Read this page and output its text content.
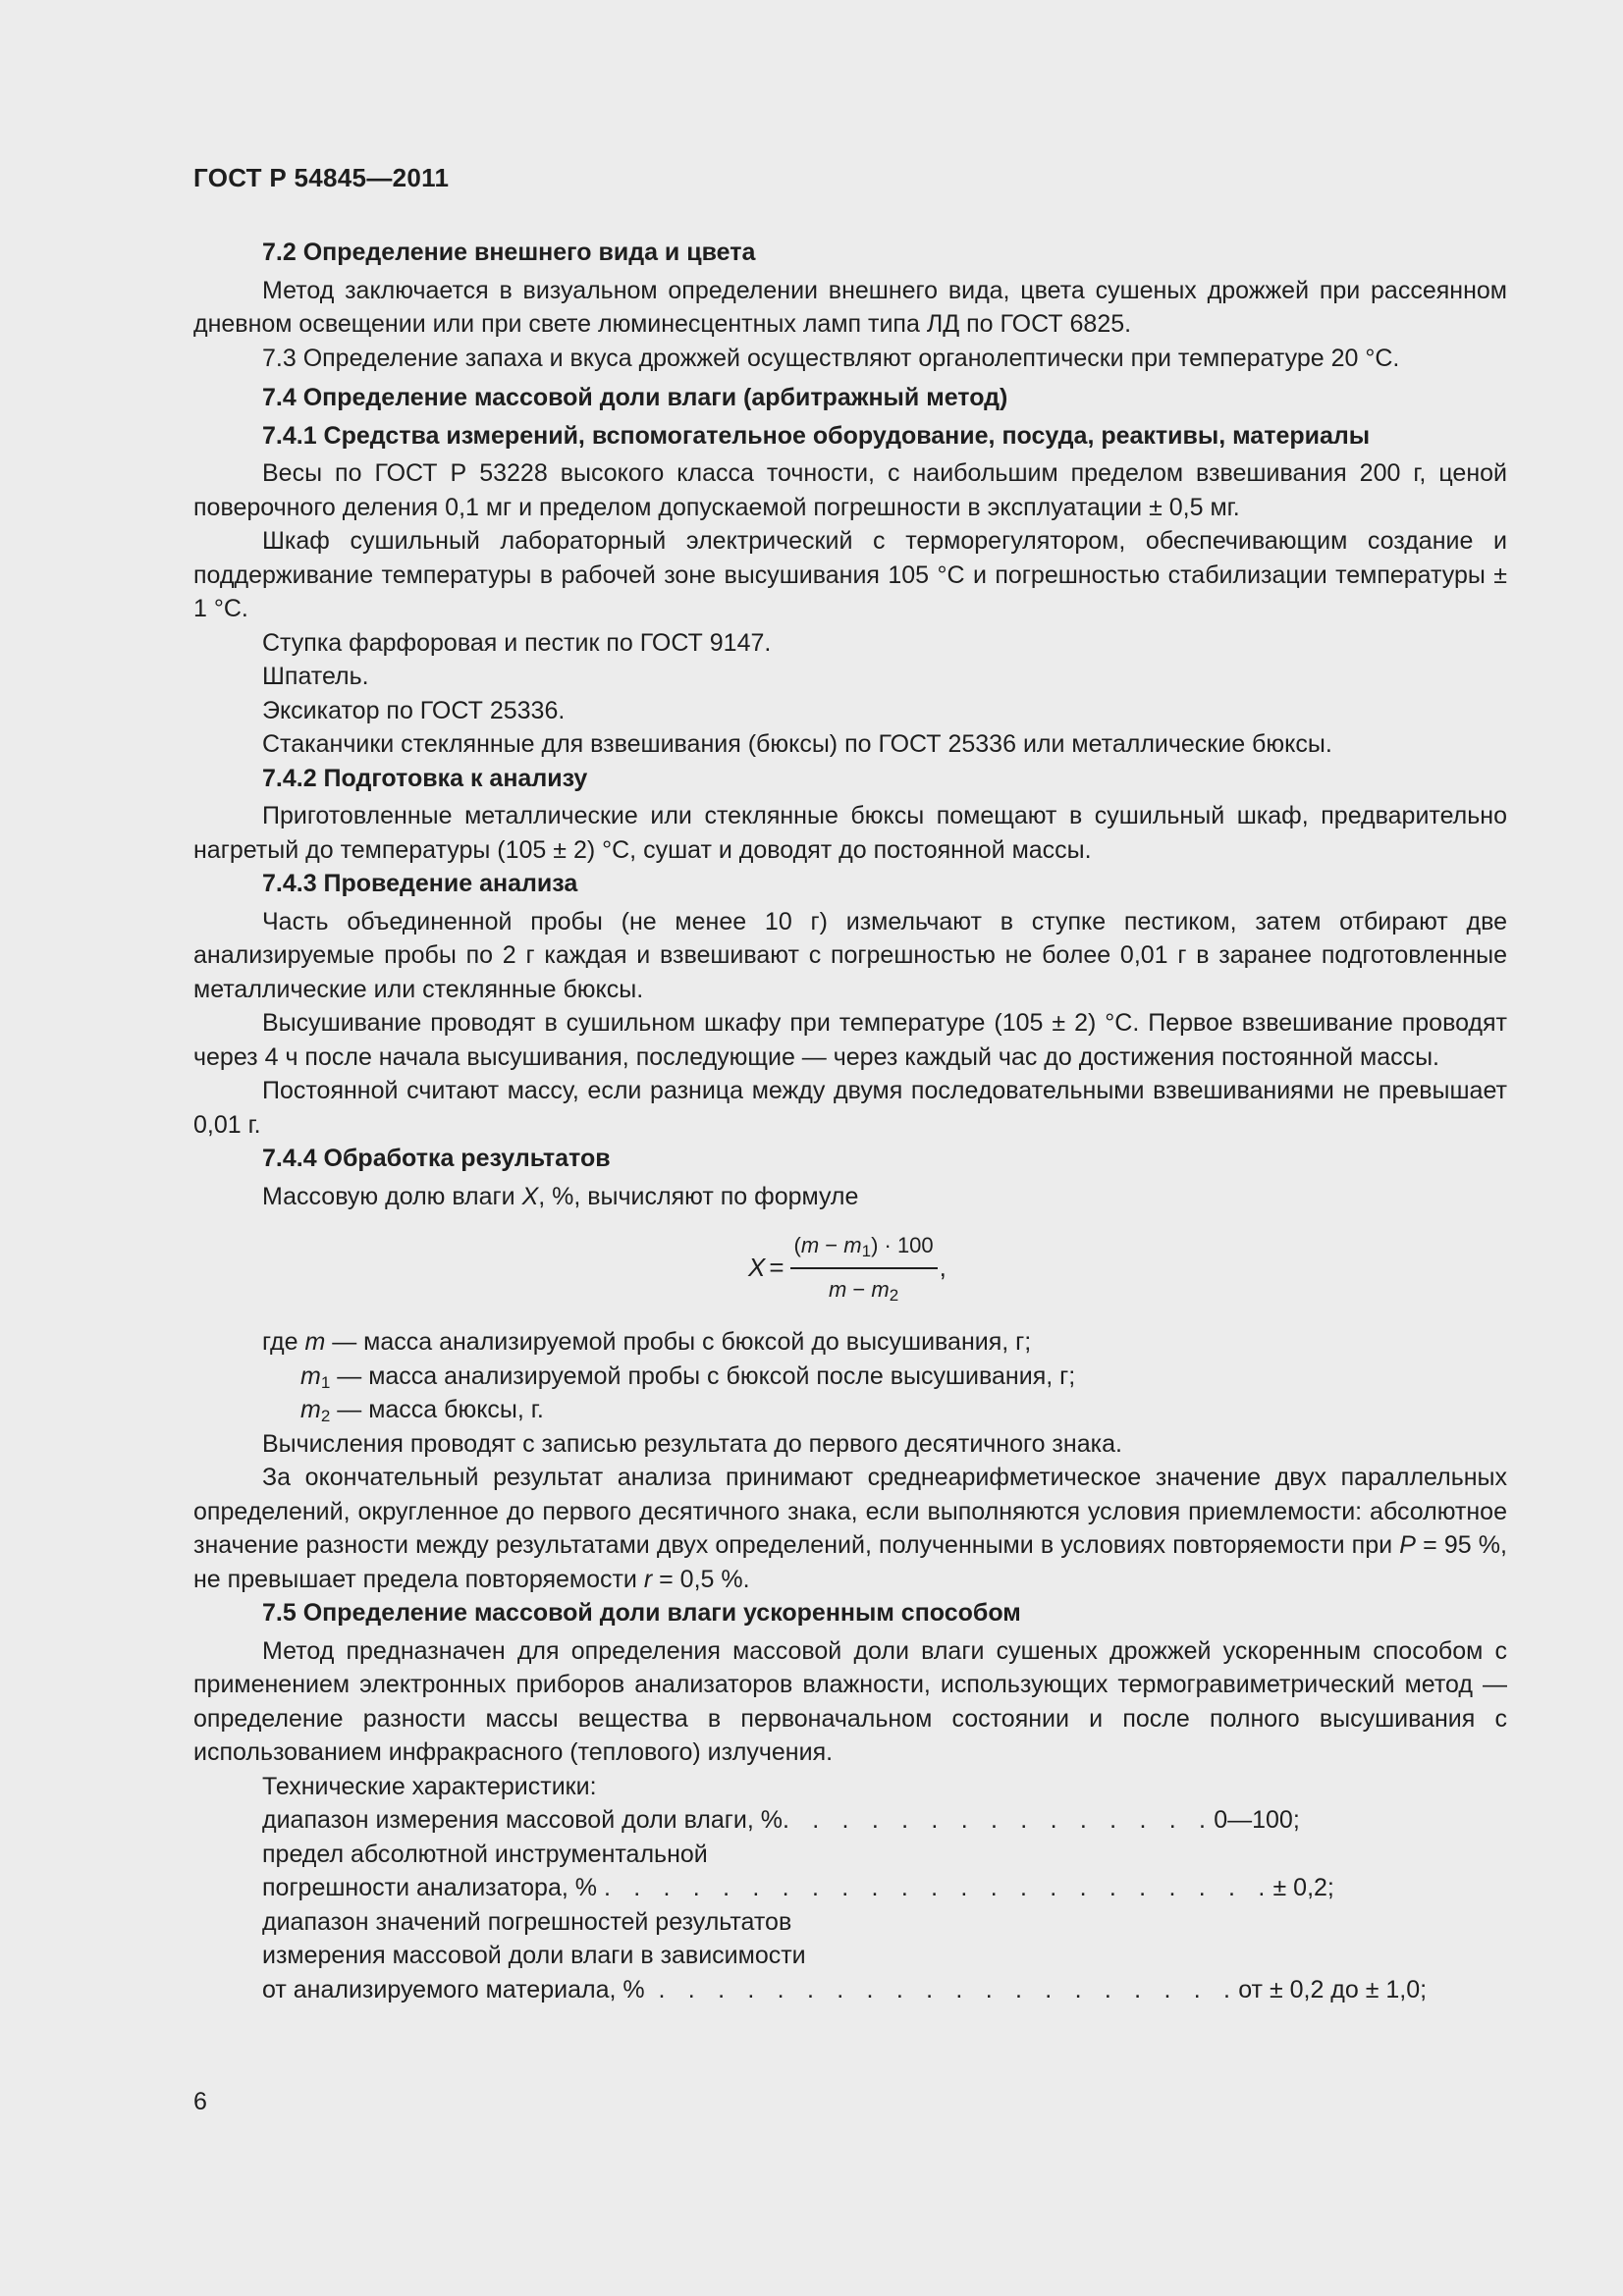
ГОСТ Р 54845—2011
7.2 Определение внешнего вида и цвета

Метод заключается в визуальном определении внешнего вида, цвета сушеных дрожжей при рассеянном дневном освещении или при свете люминесцентных ламп типа ЛД по ГОСТ 6825.

7.3 Определение запаха и вкуса дрожжей осуществляют органолептически при температуре 20 °С.

7.4 Определение массовой доли влаги (арбитражный метод)
7.4.1 Средства измерений, вспомогательное оборудование, посуда, реактивы, материалы

Весы по ГОСТ Р 53228 высокого класса точности, с наибольшим пределом взвешивания 200 г, ценой поверочного деления 0,1 мг и пределом допускаемой погрешности в эксплуатации ± 0,5 мг.

Шкаф сушильный лабораторный электрический с терморегулятором, обеспечивающим создание и поддерживание температуры в рабочей зоне высушивания 105 °С и погрешностью стабилизации температуры ± 1 °С.

Ступка фарфоровая и пестик по ГОСТ 9147.

Шпатель.

Эксикатор по ГОСТ 25336.

Стаканчики стеклянные для взвешивания (бюксы) по ГОСТ 25336 или металлические бюксы.

7.4.2 Подготовка к анализу

Приготовленные металлические или стеклянные бюксы помещают в сушильный шкаф, предварительно нагретый до температуры (105 ± 2) °С, сушат и доводят до постоянной массы.

7.4.3 Проведение анализа

Часть объединенной пробы (не менее 10 г) измельчают в ступке пестиком, затем отбирают две анализируемые пробы по 2 г каждая и взвешивают с погрешностью не более 0,01 г в заранее подготовленные металлические или стеклянные бюксы.

Высушивание проводят в сушильном шкафу при температуре (105 ± 2) °С. Первое взвешивание проводят через 4 ч после начала высушивания, последующие — через каждый час до достижения постоянной массы.

Постоянной считают массу, если разница между двумя последовательными взвешиваниями не превышает 0,01 г.

7.4.4 Обработка результатов

Массовую долю влаги X, %, вычисляют по формуле

$X = \frac{(m - m_1) \cdot 100}{m - m_2}$ ,

где m — масса анализируемой пробы с бюксой до высушивания, г;

$m_1$ — масса анализируемой пробы с бюксой после высушивания, г;

$m_2$ — масса бюксы, г.

Вычисления проводят с записью результата до первого десятичного знака.

За окончательный результат анализа принимают среднеарифметическое значение двух параллельных определений, округленное до первого десятичного знака, если выполняются условия приемлемости: абсолютное значение разности между результатами двух определений, полученными в условиях повторяемости при P = 95 %, не превышает предела повторяемости r = 0,5 %.

7.5 Определение массовой доли влаги ускоренным способом

Метод предназначен для определения массовой доли влаги сушеных дрожжей ускоренным способом с применением электронных приборов анализаторов влажности, использующих термогравиметрический метод — определение разности массы вещества в первоначальном состоянии и после полного высушивания с использованием инфракрасного (теплового) излучения.

Технические характеристики:

диапазон измерения массовой доли влаги, % . . . . . . . . . . . . . . . 0—100;
предел абсолютной инструментальной
погрешности анализатора, % . . . . . . . . . . . . . . . . . . . . . . . ± 0,2;
диапазон значений погрешностей результатов
измерения массовой доли влаги в зависимости
от анализируемого материала, % . . . . . . . . . . . . . . . . . . . . от ± 0,2 до ± 1,0;
6
